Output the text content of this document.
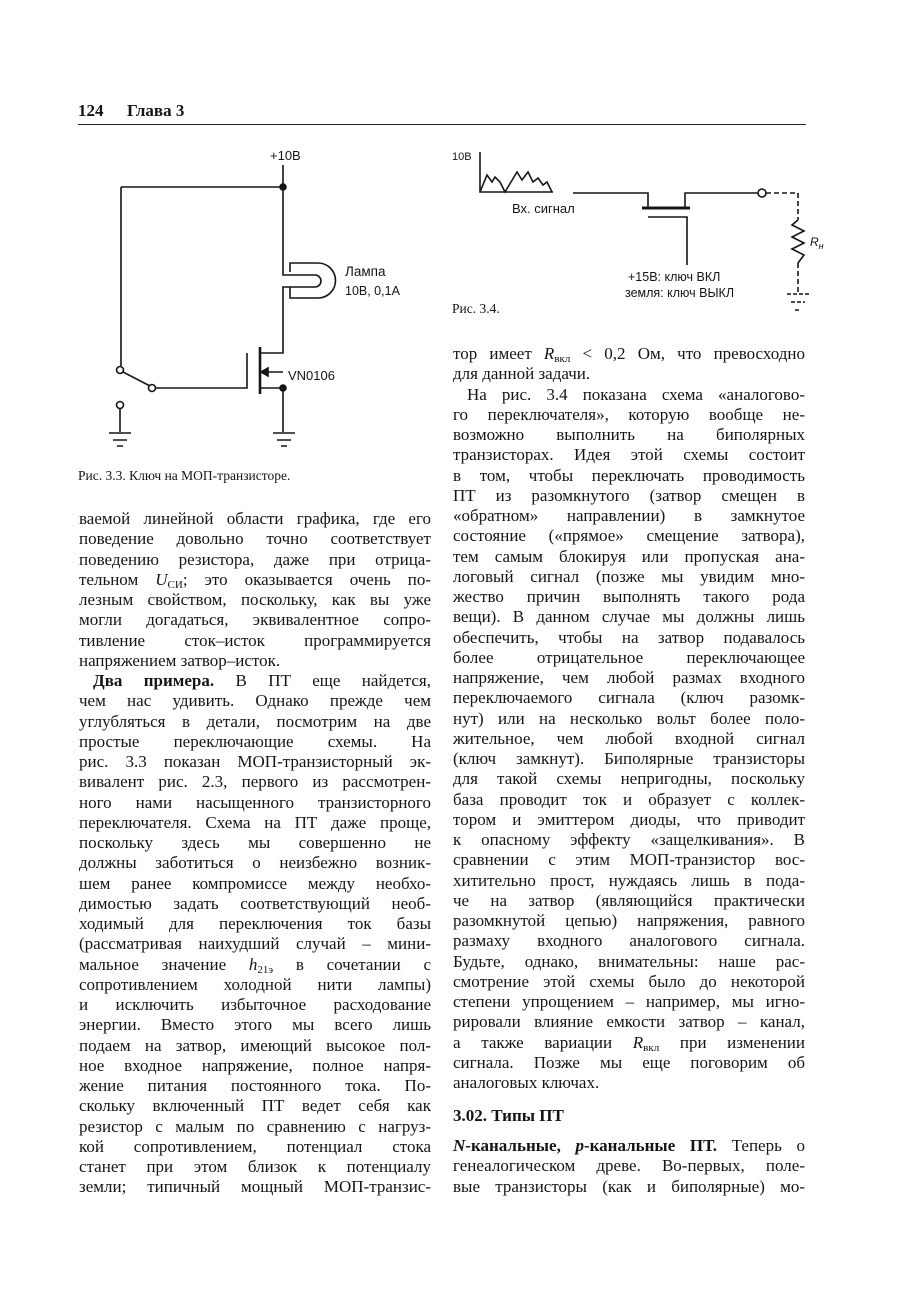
124 Глава 3
+10В
Лампа
10В, 0,1А
VN0106
10В
Вх. сигнал
+15В: ключ ВКЛ
земля: ключ ВЫКЛ
$R_н$
Рис. 3.3. Ключ на МОП-транзисторе.
Рис. 3.4.
ваемой линейной области графика, где его
поведение довольно точно соответствует
поведению резистора, даже при отрица-
тельном $U_{СИ}$; это оказывается очень по-
лезным свойством, поскольку, как вы уже
могли догадаться, эквивалентное сопро-
тивление сток–исток программируется
напряжением затвор–исток.
Два примера. В ПТ еще найдется,
чем нас удивить. Однако прежде чем
углубляться в детали, посмотрим на две
простые переключающие схемы. На
рис. 3.3 показан МОП-транзисторный эк-
вивалент рис. 2.3, первого из рассмотрен-
ного нами насыщенного транзисторного
переключателя. Схема на ПТ даже проще,
поскольку здесь мы совершенно не
должны заботиться о неизбежно возник-
шем ранее компромиссе между необхо-
димостью задать соответствующий необ-
ходимый для переключения ток базы
(рассматривая наихудший случай – мини-
мальное значение $h_{21э}$ в сочетании с
сопротивлением холодной нити лампы)
и исключить избыточное расходование
энергии. Вместо этого мы всего лишь
подаем на затвор, имеющий высокое пол-
ное входное напряжение, полное напря-
жение питания постоянного тока. По-
скольку включенный ПТ ведет себя как
резистор с малым по сравнению с нагруз-
кой сопротивлением, потенциал стока
станет при этом близок к потенциалу
земли; типичный мощный МОП-транзис-
тор имеет $R_{вкл} < 0,2$ Ом, что превосходно
для данной задачи.
На рис. 3.4 показана схема «аналогово-
го переключателя», которую вообще не-
возможно выполнить на биполярных
транзисторах. Идея этой схемы состоит
в том, чтобы переключать проводимость
ПТ из разомкнутого (затвор смещен в
«обратном» направлении) в замкнутое
состояние («прямое» смещение затвора),
тем самым блокируя или пропуская ана-
логовый сигнал (позже мы увидим мно-
жество причин выполнять такого рода
вещи). В данном случае мы должны лишь
обеспечить, чтобы на затвор подавалось
более отрицательное переключающее
напряжение, чем любой размах входного
переключаемого сигнала (ключ разомк-
нут) или на несколько вольт более поло-
жительное, чем любой входной сигнал
(ключ замкнут). Биполярные транзисторы
для такой схемы непригодны, поскольку
база проводит ток и образует с коллек-
тором и эмиттером диоды, что приводит
к опасному эффекту «защелкивания». В
сравнении с этим МОП-транзистор вос-
хитительно прост, нуждаясь лишь в пода-
че на затвор (являющийся практически
разомкнутой цепью) напряжения, равного
размаху входного аналогового сигнала.
Будьте, однако, внимательны: наше рас-
смотрение этой схемы было до некоторой
степени упрощением – например, мы игно-
рировали влияние емкости затвор – канал,
а также вариации $R_{вкл}$ при изменении
сигнала. Позже мы еще поговорим об
аналоговых ключах.
3.02. Типы ПТ
N-канальные, p-канальные ПТ. Теперь о
генеалогическом древе. Во-первых, поле-
вые транзисторы (как и биполярные) мо-
